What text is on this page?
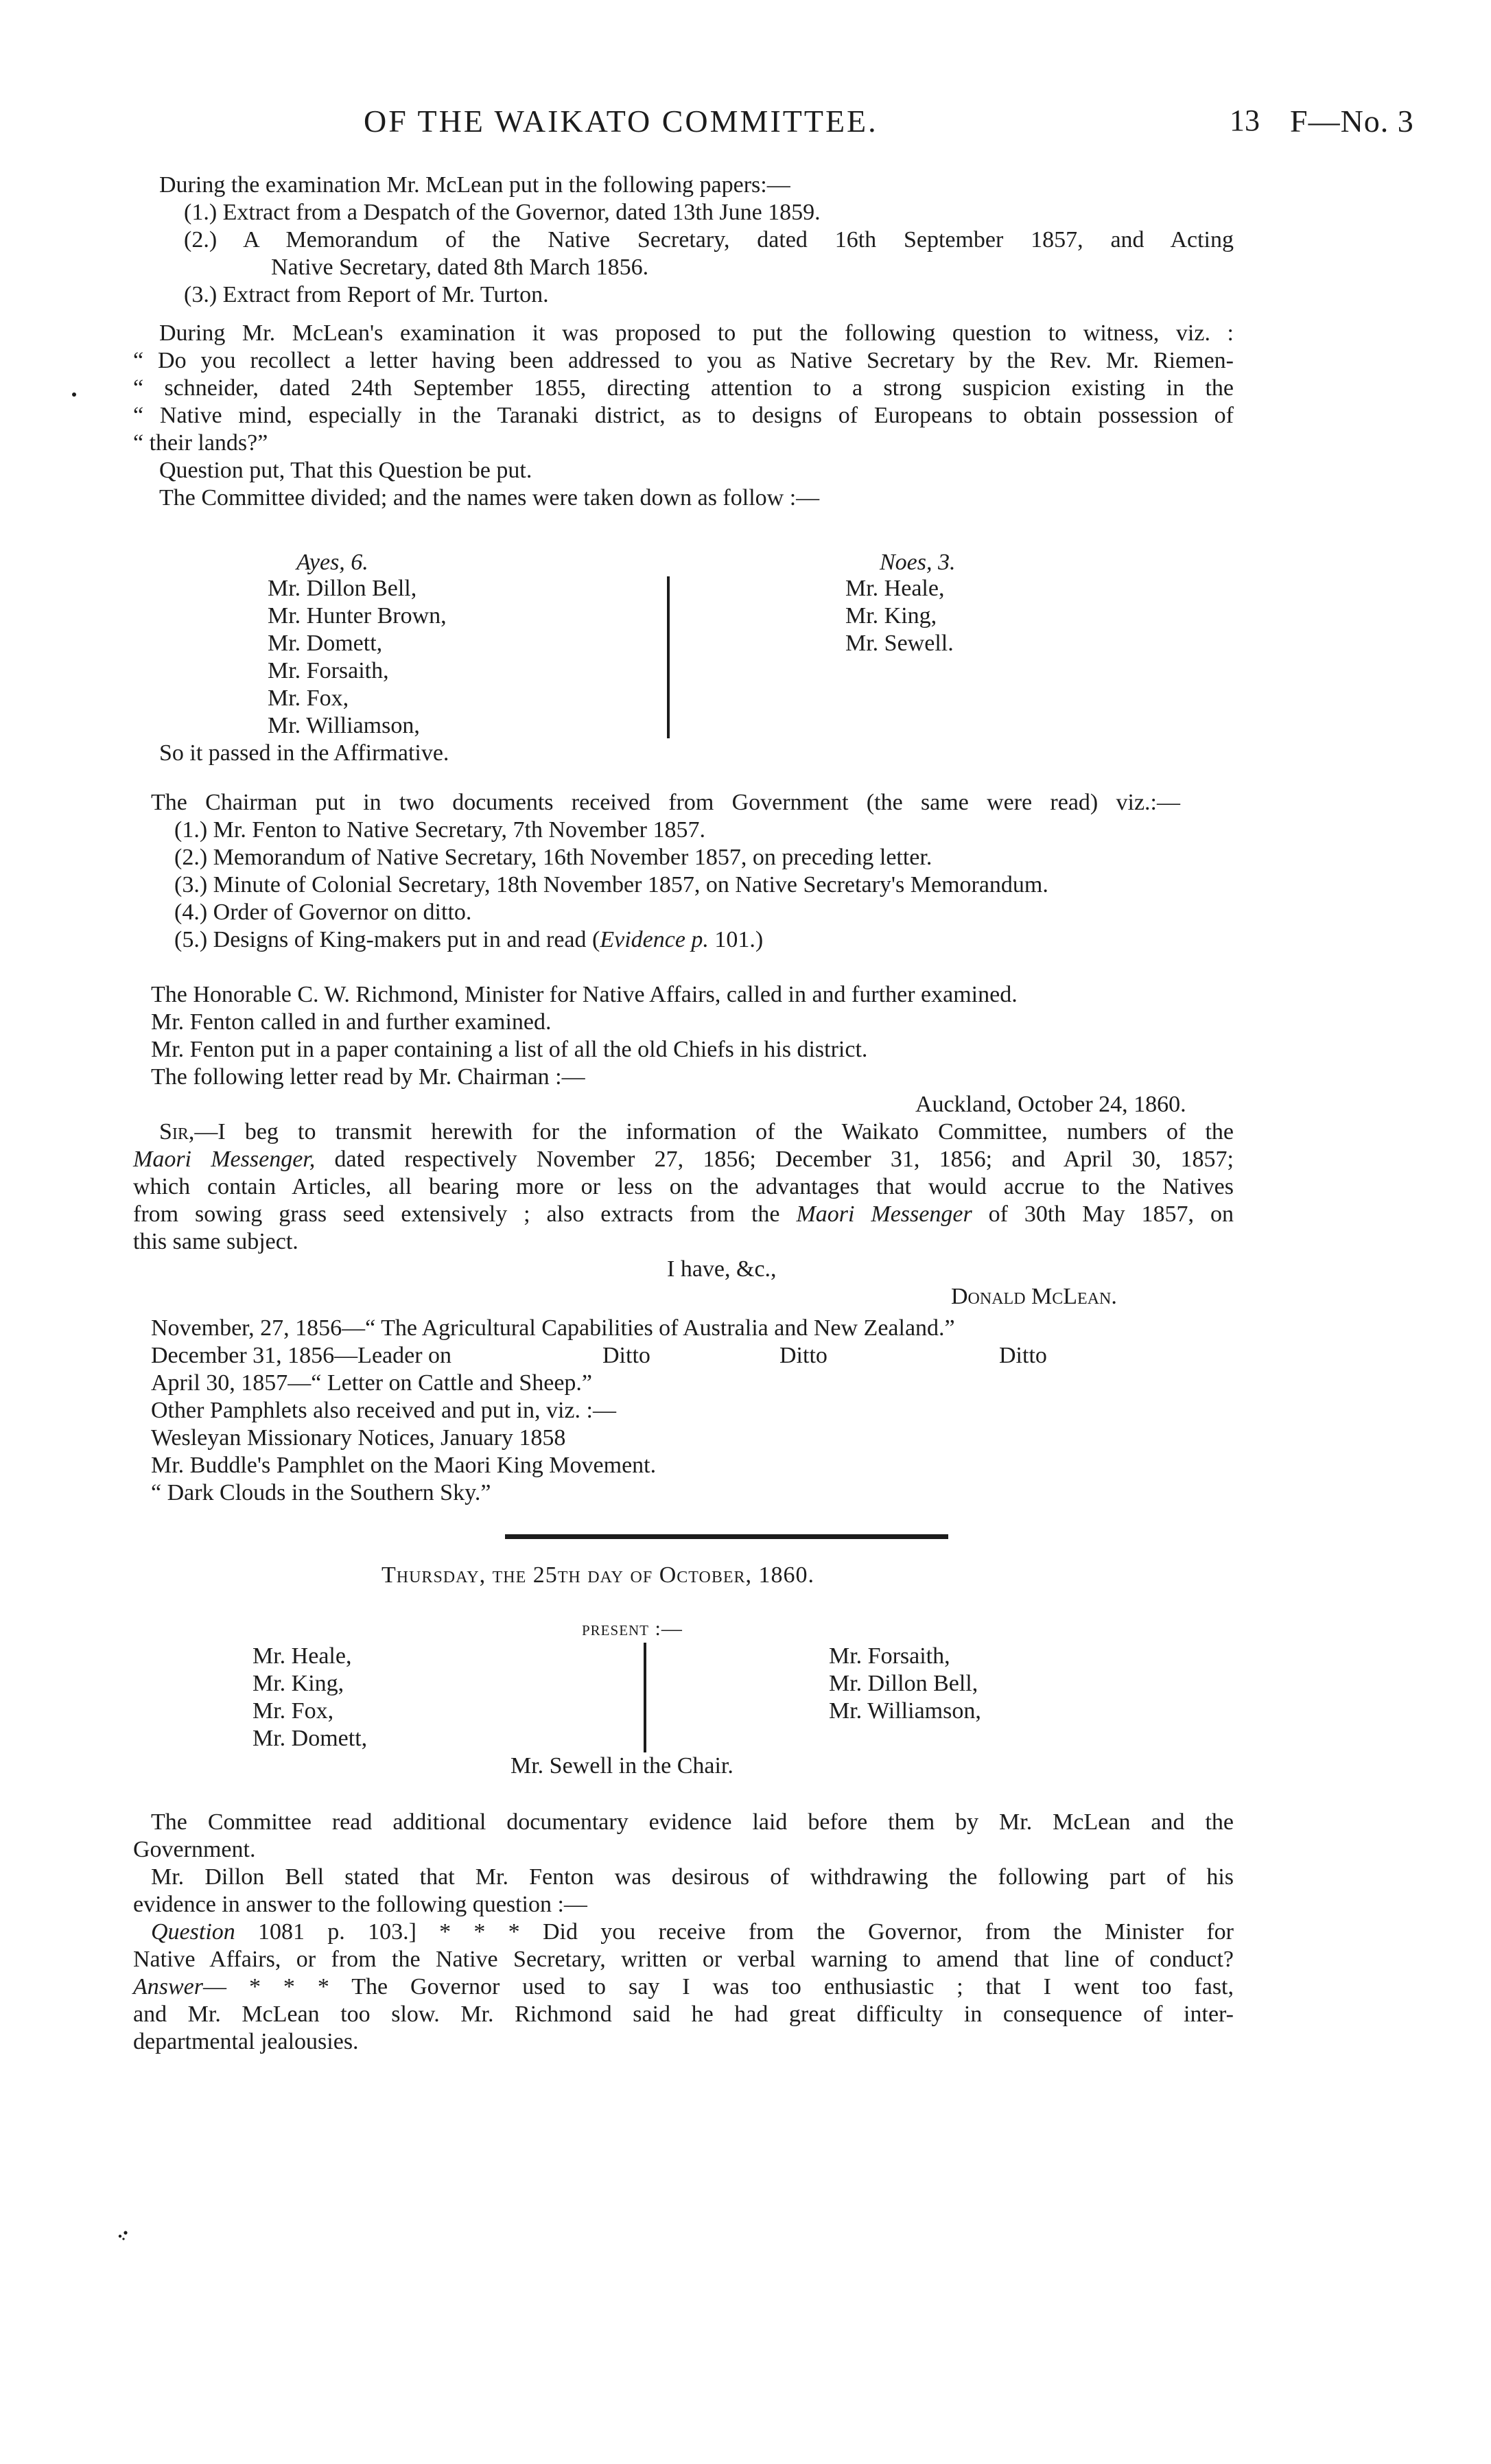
OF THE WAIKATO COMMITTEE.	13 F—No. 3
During the examination Mr. McLean put in the following papers:—
(1.) Extract from a Despatch of the Governor, dated 13th June 1859.
(2.) A Memorandum of the Native Secretary, dated 16th September 1857, and Acting
Native Secretary, dated 8th March 1856.
(3.) Extract from Report of Mr. Turton.
During Mr. McLean's examination it was proposed to put the following question to witness, viz. :
“ Do you recollect a letter having been addressed to you as Native Secretary by the Rev. Mr. Riemen-
“ schneider, dated 24th September 1855, directing attention to a strong suspicion existing in the
“ Native mind, especially in the Taranaki district, as to designs of Europeans to obtain possession of
“ their lands?”
Question put, That this Question be put.
The Committee divided; and the names were taken down as follow :—
Ayes, 6.
Mr. Dillon Bell,
Mr. Hunter Brown,
Mr. Domett,
Mr. Forsaith,
Mr. Fox,
Mr. Williamson,
Noes, 3.
Mr. Heale,
Mr. King,
Mr. Sewell.
So it passed in the Affirmative.
The Chairman put in two documents received from Government (the same were read) viz.:—
(1.) Mr. Fenton to Native Secretary, 7th November 1857.
(2.) Memorandum of Native Secretary, 16th November 1857, on preceding letter.
(3.) Minute of Colonial Secretary, 18th November 1857, on Native Secretary's Memorandum.
(4.) Order of Governor on ditto.
(5.) Designs of King-makers put in and read (Evidence p. 101.)
The Honorable C. W. Richmond, Minister for Native Affairs, called in and further examined.
Mr. Fenton called in and further examined.
Mr. Fenton put in a paper containing a list of all the old Chiefs in his district.
The following letter read by Mr. Chairman :—
Auckland, October 24, 1860.
Sir,—I beg to transmit herewith for the information of the Waikato Committee, numbers of the
Maori Messenger, dated respectively November 27, 1856; December 31, 1856; and April 30, 1857;
which contain Articles, all bearing more or less on the advantages that would accrue to the Natives
from sowing grass seed extensively ; also extracts from the Maori Messenger of 30th May 1857, on
this same subject.
I have, &c.,
Donald McLean.
November, 27, 1856—“ The Agricultural Capabilities of Australia and New Zealand.”
December 31, 1856—Leader on	Ditto	Ditto	Ditto
April 30, 1857—“ Letter on Cattle and Sheep.”
Other Pamphlets also received and put in, viz. :—
Wesleyan Missionary Notices, January 1858
Mr. Buddle's Pamphlet on the Maori King Movement.
“ Dark Clouds in the Southern Sky.”
Thursday, the 25th day of October, 1860.
present :—
Mr. Heale,
Mr. King,
Mr. Fox,
Mr. Domett,
Mr. Forsaith,
Mr. Dillon Bell,
Mr. Williamson,
Mr. Sewell in the Chair.
The Committee read additional documentary evidence laid before them by Mr. McLean and the
Government.
Mr. Dillon Bell stated that Mr. Fenton was desirous of withdrawing the following part of his
evidence in answer to the following question :—
Question 1081 p. 103.] * * * Did you receive from the Governor, from the Minister for
Native Affairs, or from the Native Secretary, written or verbal warning to amend that line of conduct?
Answer— * * * The Governor used to say I was too enthusiastic ; that I went too fast,
and Mr. McLean too slow. Mr. Richmond said he had great difficulty in consequence of inter-
departmental jealousies.
